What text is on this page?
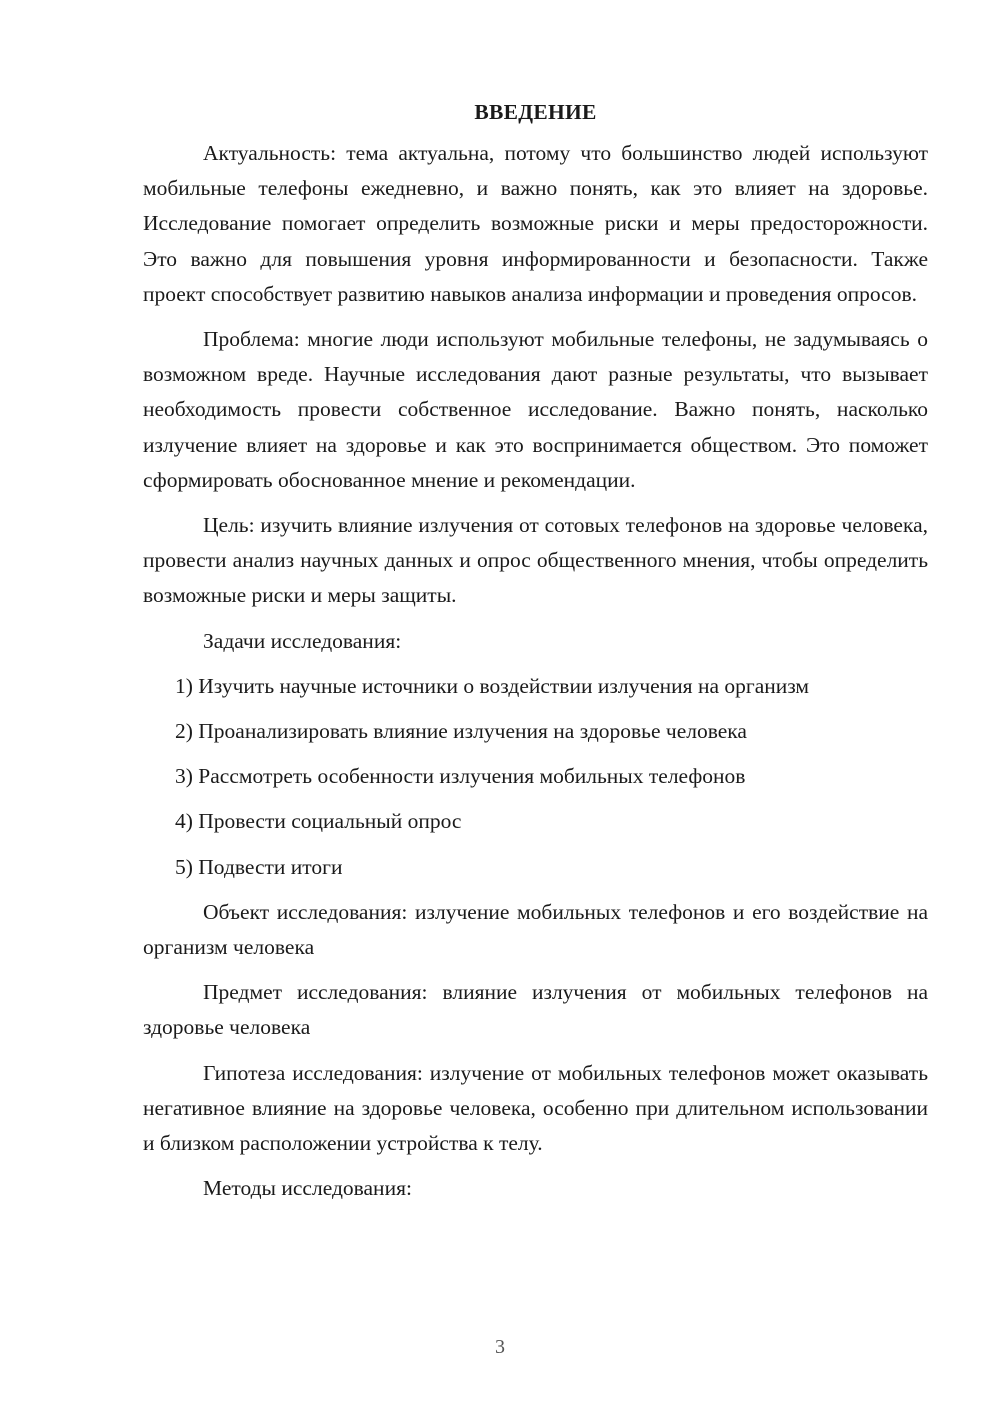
ВВЕДЕНИЕ

Актуальность: тема актуальна, потому что большинство людей используют мобильные телефоны ежедневно, и важно понять, как это влияет на здоровье. Исследование помогает определить возможные риски и меры предосторожности. Это важно для повышения уровня информированности и безопасности. Также проект способствует развитию навыков анализа информации и проведения опросов.

Проблема: многие люди используют мобильные телефоны, не задумываясь о возможном вреде. Научные исследования дают разные результаты, что вызывает необходимость провести собственное исследование. Важно понять, насколько излучение влияет на здоровье и как это воспринимается обществом. Это поможет сформировать обоснованное мнение и рекомендации.

Цель: изучить влияние излучения от сотовых телефонов на здоровье человека, провести анализ научных данных и опрос общественного мнения, чтобы определить возможные риски и меры защиты.

Задачи исследования:

1) Изучить научные источники о воздействии излучения на организм
2) Проанализировать влияние излучения на здоровье человека
3) Рассмотреть особенности излучения мобильных телефонов
4) Провести социальный опрос
5) Подвести итоги

Объект исследования: излучение мобильных телефонов и его воздействие на организм человека

Предмет исследования: влияние излучения от мобильных телефонов на здоровье человека

Гипотеза исследования: излучение от мобильных телефонов может оказывать негативное влияние на здоровье человека, особенно при длительном использовании и близком расположении устройства к телу.

Методы исследования:

3
